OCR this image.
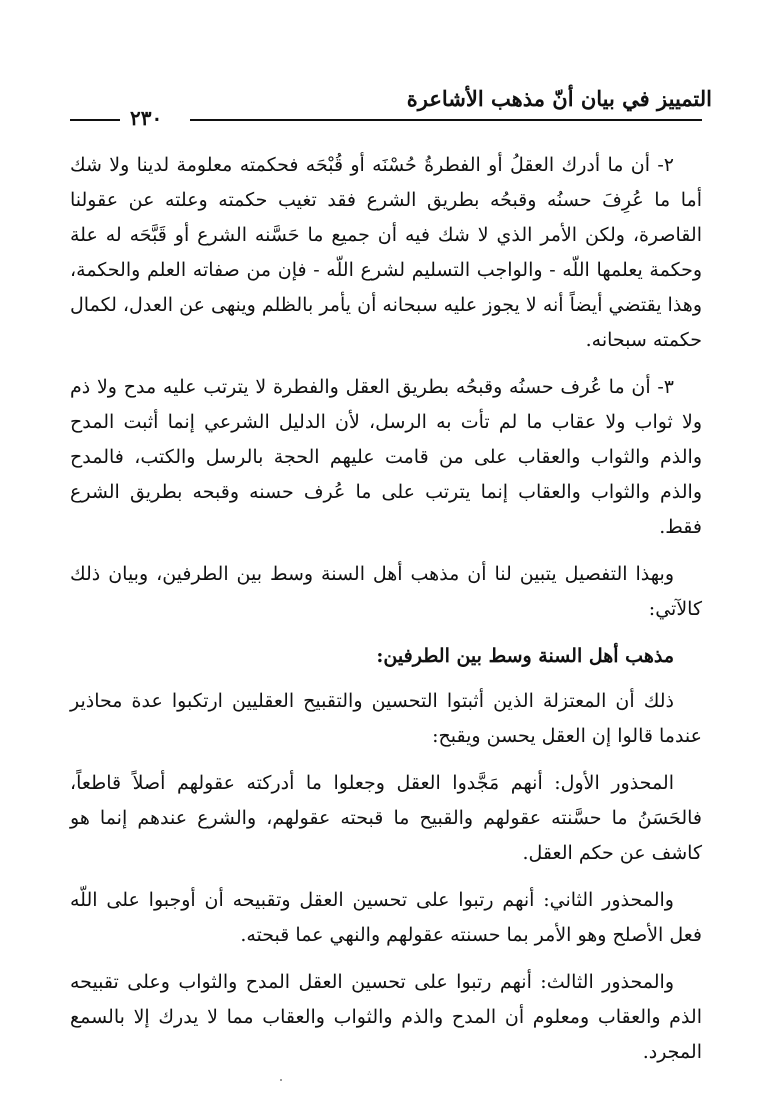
التمييز في بيان أنّ مذهب الأشاعرة
٢٣٠

٢- أن ما أدرك العقلُ أو الفطرةُ حُسْنَه أو قُبْحَه فحكمته معلومة لدينا ولا شك أما ما عُرِفَ حسنُه وقبحُه بطريق الشرع فقد تغيب حكمته وعلته عن عقولنا القاصرة، ولكن الأمر الذي لا شك فيه أن جميع ما حَسَّنه الشرع أو قَبَّحَه له علة وحكمة يعلمها اللّه - والواجب التسليم لشرع اللّه - فإن من صفاته العلم والحكمة، وهذا يقتضي أيضاً أنه لا يجوز عليه سبحانه أن يأمر بالظلم وينهى عن العدل، لكمال حكمته سبحانه.

٣- أن ما عُرف حسنُه وقبحُه بطريق العقل والفطرة لا يترتب عليه مدح ولا ذم ولا ثواب ولا عقاب ما لم تأت به الرسل، لأن الدليل الشرعي إنما أثبت المدح والذم والثواب والعقاب على من قامت عليهم الحجة بالرسل والكتب، فالمدح والذم والثواب والعقاب إنما يترتب على ما عُرف حسنه وقبحه بطريق الشرع فقط.

وبهذا التفصيل يتبين لنا أن مذهب أهل السنة وسط بين الطرفين، وبيان ذلك كالآتي:

مذهب أهل السنة وسط بين الطرفين:

ذلك أن المعتزلة الذين أثبتوا التحسين والتقبيح العقليين ارتكبوا عدة محاذير عندما قالوا إن العقل يحسن ويقبح:

المحذور الأول: أنهم مَجَّدوا العقل وجعلوا ما أدركته عقولهم أصلاً قاطعاً، فالحَسَنُ ما حسَّنته عقولهم والقبيح ما قبحته عقولهم، والشرع عندهم إنما هو كاشف عن حكم العقل.

والمحذور الثاني: أنهم رتبوا على تحسين العقل وتقبيحه أن أوجبوا على اللّه فعل الأصلح وهو الأمر بما حسنته عقولهم والنهي عما قبحته.

والمحذور الثالث: أنهم رتبوا على تحسين العقل المدح والثواب وعلى تقبيحه الذم والعقاب ومعلوم أن المدح والذم والثواب والعقاب مما لا يدرك إلا بالسمع المجرد.
